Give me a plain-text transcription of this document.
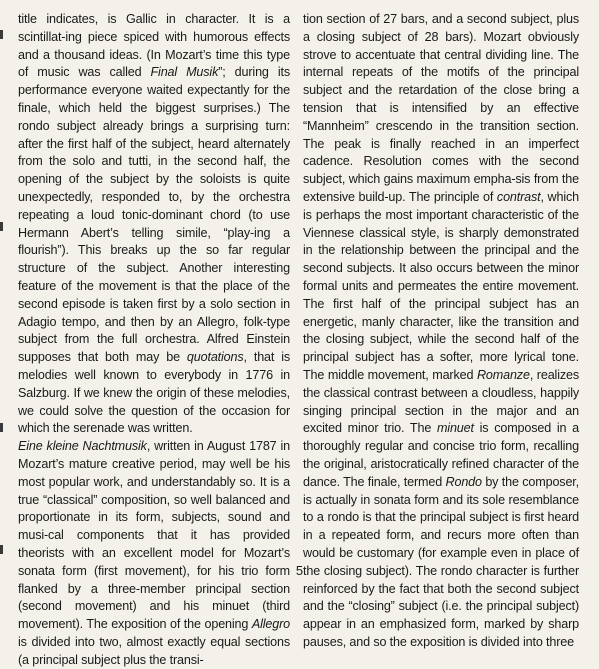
title indicates, is Gallic in character. It is a scintillat-ing piece spiced with humorous effects and a thousand ideas. (In Mozart’s time this type of music was called Final Musik”; during its performance everyone waited expectantly for the finale, which held the biggest surprises.) The rondo subject already brings a surprising turn: after the first half of the subject, heard alternately from the solo and tutti, in the second half, the opening of the subject by the soloists is quite unexpectedly, responded to, by the orchestra repeating a loud tonic-dominant chord (to use Hermann Abert’s telling simile, “play-ing a flourish”). This breaks up the so far regular structure of the subject. Another interesting feature of the movement is that the place of the second episode is taken first by a solo section in Adagio tempo, and then by an Allegro, folk-type subject from the full orchestra. Alfred Einstein supposes that both may be quotations, that is melodies well known to everybody in 1776 in Salzburg. If we knew the origin of these melodies, we could solve the question of the occasion for which the serenade was written.

Eine kleine Nachtmusik, written in August 1787 in Mozart’s mature creative period, may well be his most popular work, and understandably so. It is a true “classical” composition, so well balanced and proportionate in its form, subjects, sound and musi-cal components that it has provided theorists with an excellent model for Mozart’s sonata form (first movement), for his trio form flanked by a three-member principal section (second movement) and his minuet (third movement). The exposition of the opening Allegro is divided into two, almost exactly equal sections (a principal subject plus the transi-

tion section of 27 bars, and a second subject, plus a closing subject of 28 bars). Mozart obviously strove to accentuate that central dividing line. The internal repeats of the motifs of the principal subject and the retardation of the close bring a tension that is intensified by an effective “Mannheim” crescendo in the transition section. The peak is finally reached in an imperfect cadence. Resolution comes with the second subject, which gains maximum empha-sis from the extensive build-up. The principle of contrast, which is perhaps the most important characteristic of the Viennese classical style, is sharply demonstrated in the relationship between the principal and the second subjects. It also occurs between the minor formal units and permeates the entire movement. The first half of the principal subject has an energetic, manly character, like the transition and the closing subject, while the second half of the principal subject has a softer, more lyrical tone. The middle movement, marked Romanze, realizes the classical contrast between a cloudless, happily singing principal section in the major and an excited minor trio. The minuet is composed in a thoroughly regular and concise trio form, recalling the original, aristocratically refined character of the dance. The finale, termed Rondo by the composer, is actually in sonata form and its sole resemblance to a rondo is that the principal subject is first heard in a repeated form, and recurs more often than would be customary (for example even in place of the closing subject). The rondo character is further reinforced by the fact that both the second subject and the “closing” subject (i.e. the principal subject) appear in an emphasized form, marked by sharp pauses, and so the exposition is divided into three

5
